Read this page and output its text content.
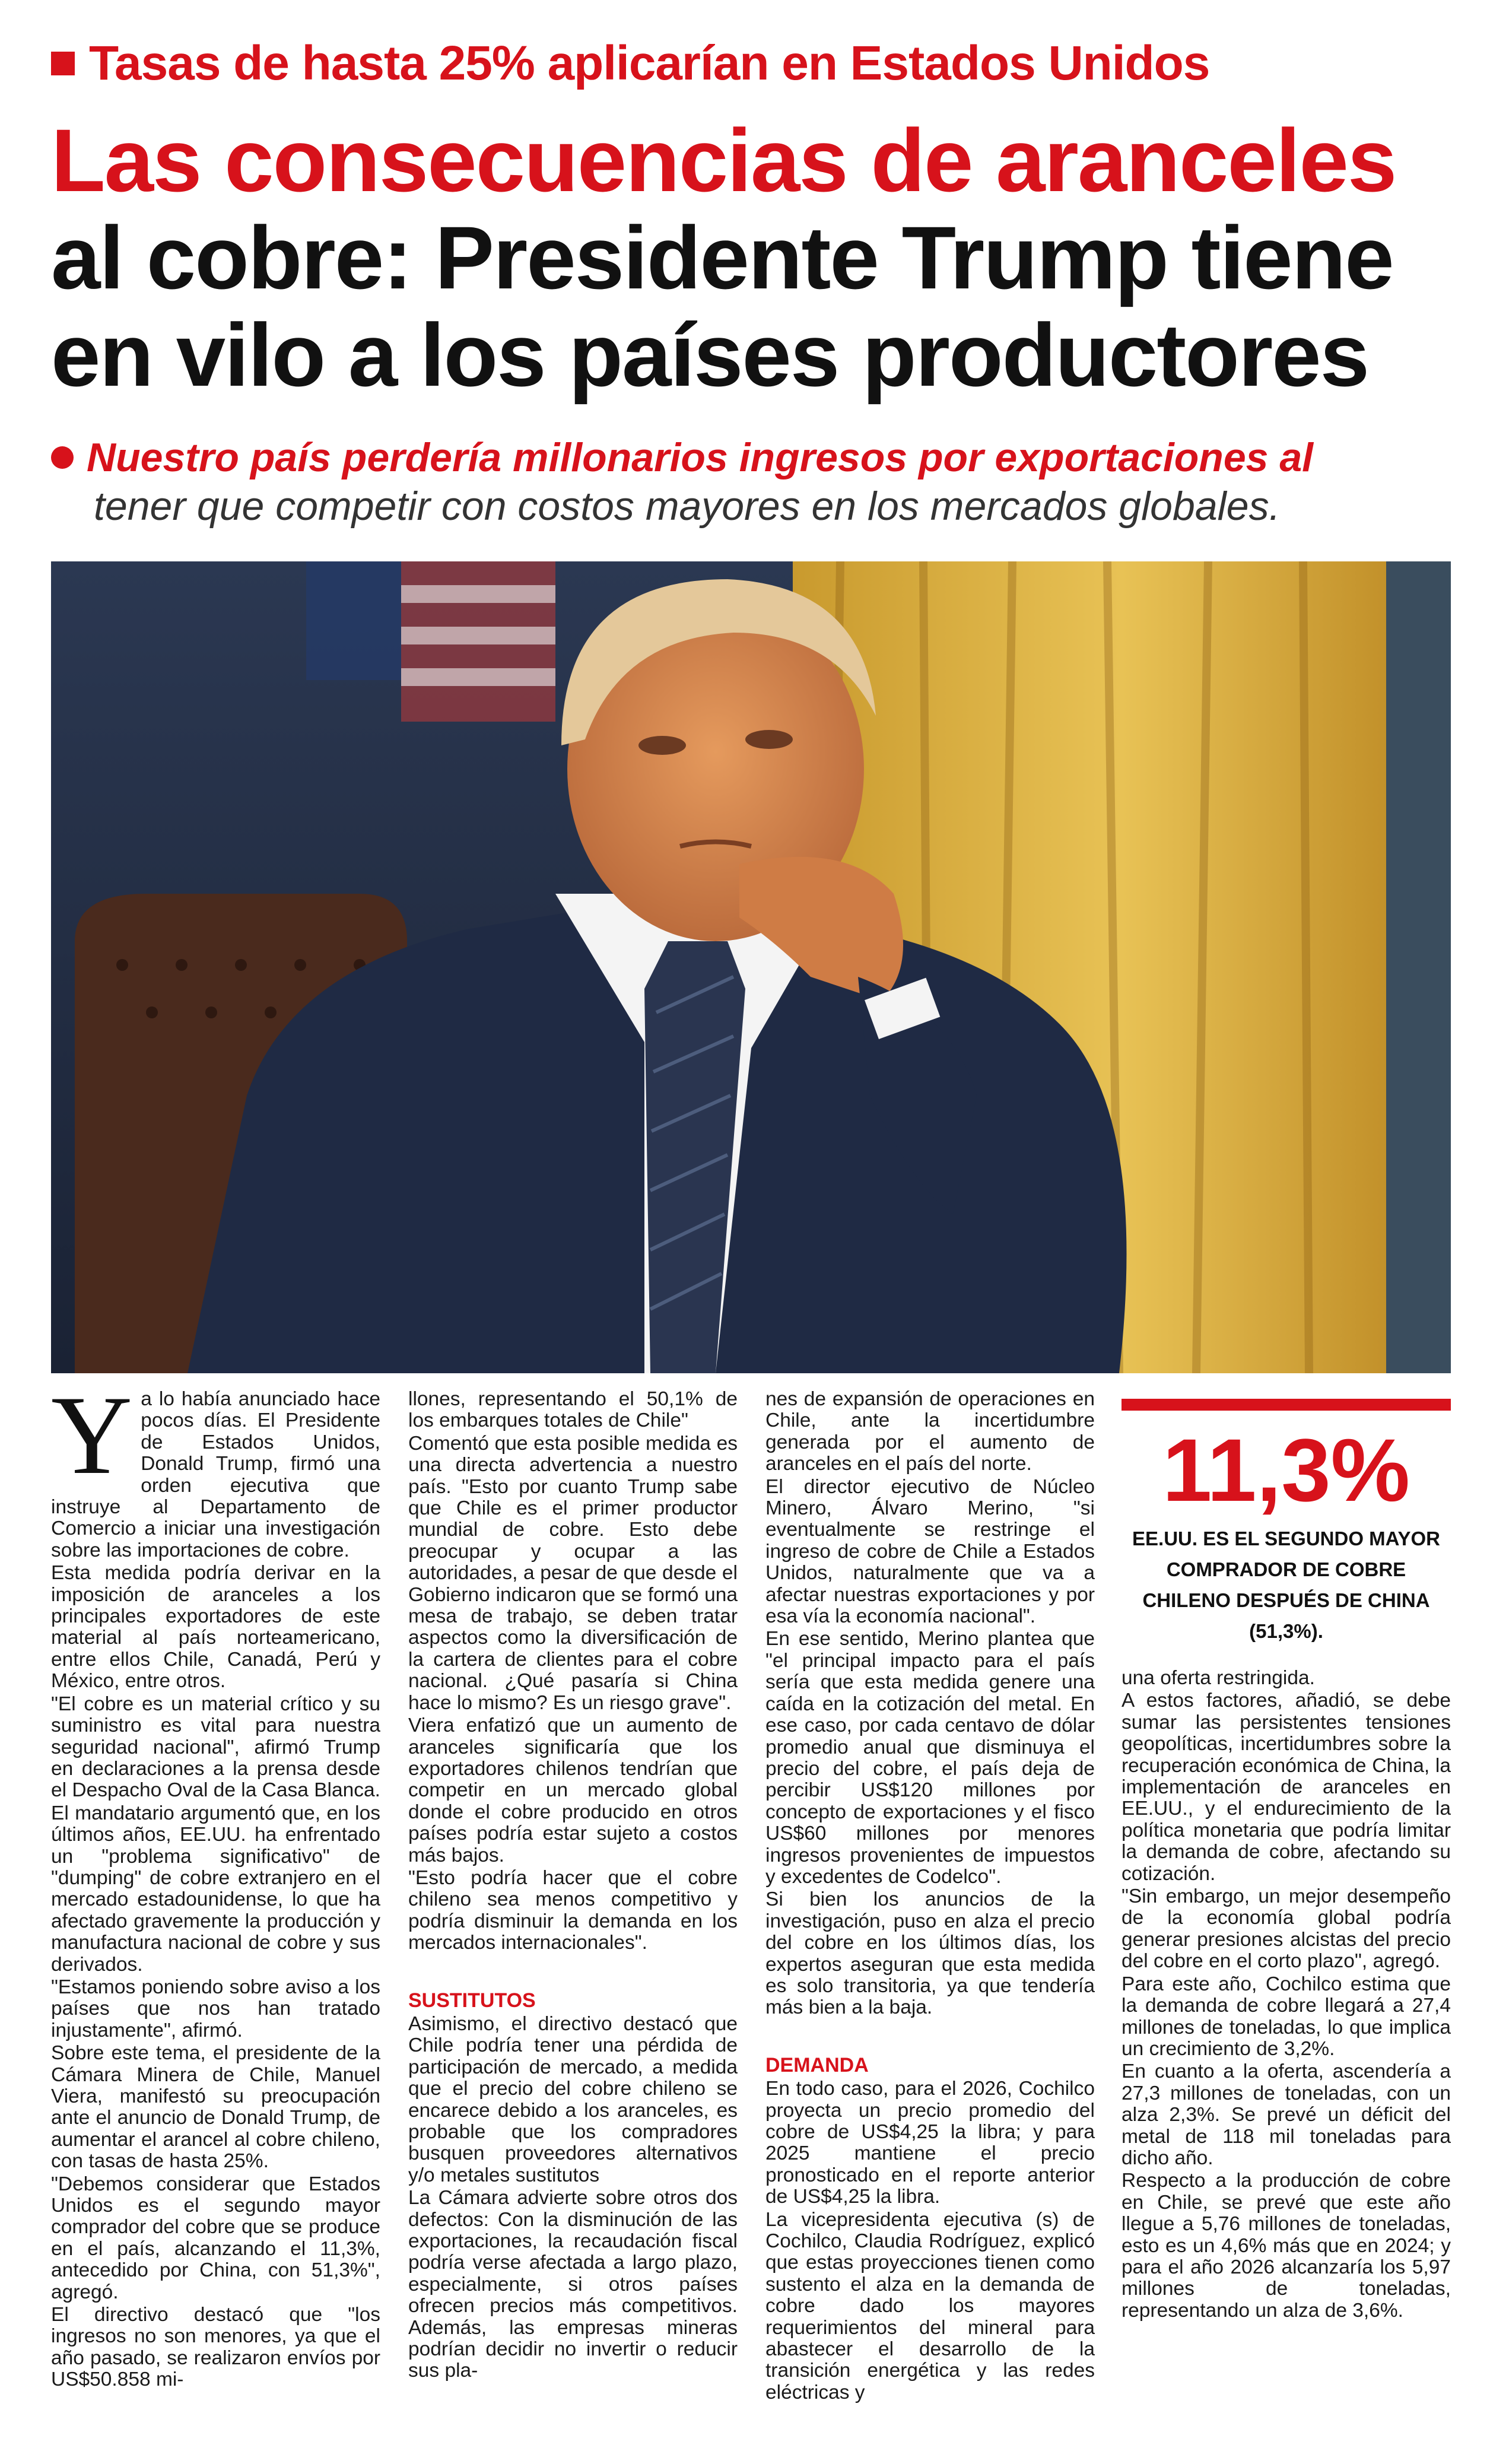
Tasas de hasta 25% aplicarían en Estados Unidos
Las consecuencias de aranceles
al cobre: Presidente Trump tiene
en vilo a los países productores
Nuestro país perdería millonarios ingresos por exportaciones al
tener que competir con costos mayores en los mercados globales.

Ya lo había anunciado hace pocos días. El Presidente de Estados Unidos, Donald Trump, firmó una orden ejecutiva que instruye al Departamento de Comercio a iniciar una investigación sobre las importaciones de cobre.

Esta medida podría derivar en la imposición de aranceles a los principales exportadores de este material al país norteamericano, entre ellos Chile, Canadá, Perú y México, entre otros.

"El cobre es un material crítico y su suministro es vital para nuestra seguridad nacional", afirmó Trump en declaraciones a la prensa desde el Despacho Oval de la Casa Blanca.

El mandatario argumentó que, en los últimos años, EE.UU. ha enfrentado un "problema significativo" de "dumping" de cobre extranjero en el mercado estadounidense, lo que ha afectado gravemente la producción y manufactura nacional de cobre y sus derivados.

"Estamos poniendo sobre aviso a los países que nos han tratado injustamente", afirmó.

Sobre este tema, el presidente de la Cámara Minera de Chile, Manuel Viera, manifestó su preocupación ante el anuncio de Donald Trump, de aumentar el arancel al cobre chileno, con tasas de hasta 25%.

"Debemos considerar que Estados Unidos es el segundo mayor comprador del cobre que se produce en el país, alcanzando el 11,3%, antecedido por China, con 51,3%", agregó.

El directivo destacó que "los ingresos no son menores, ya que el año pasado, se realizaron envíos por US$50.858 mi-

llones, representando el 50,1% de los embarques totales de Chile"

Comentó que esta posible medida es una directa advertencia a nuestro país. "Esto por cuanto Trump sabe que Chile es el primer productor mundial de cobre. Esto debe preocupar y ocupar a las autoridades, a pesar de que desde el Gobierno indicaron que se formó una mesa de trabajo, se deben tratar aspectos como la diversificación de la cartera de clientes para el cobre nacional. ¿Qué pasaría si China hace lo mismo? Es un riesgo grave".

Viera enfatizó que un aumento de aranceles significaría que los exportadores chilenos tendrían que competir en un mercado global donde el cobre producido en otros países podría estar sujeto a costos más bajos.

"Esto podría hacer que el cobre chileno sea menos competitivo y podría disminuir la demanda en los mercados internacionales".

SUSTITUTOS

Asimismo, el directivo destacó que Chile podría tener una pérdida de participación de mercado, a medida que el precio del cobre chileno se encarece debido a los aranceles, es probable que los compradores busquen proveedores alternativos y/o metales sustitutos

La Cámara advierte sobre otros dos defectos: Con la disminución de las exportaciones, la recaudación fiscal podría verse afectada a largo plazo, especialmente, si otros países ofrecen precios más competitivos. Además, las empresas mineras podrían decidir no invertir o reducir sus pla-

nes de expansión de operaciones en Chile, ante la incertidumbre generada por el aumento de aranceles en el país del norte.

El director ejecutivo de Núcleo Minero, Álvaro Merino, "si eventualmente se restringe el ingreso de cobre de Chile a Estados Unidos, naturalmente que va a afectar nuestras exportaciones y por esa vía la economía nacional".

En ese sentido, Merino plantea que "el principal impacto para el país sería que esta medida genere una caída en la cotización del metal. En ese caso, por cada centavo de dólar promedio anual que disminuya el precio del cobre, el país deja de percibir US$120 millones por concepto de exportaciones y el fisco US$60 millones por menores ingresos provenientes de impuestos y excedentes de Codelco".

Si bien los anuncios de la investigación, puso en alza el precio del cobre en los últimos días, los expertos aseguran que esta medida es solo transitoria, ya que tendería más bien a la baja.

DEMANDA

En todo caso, para el 2026, Cochilco proyecta un precio promedio del cobre de US$4,25 la libra; y para 2025 mantiene el precio pronosticado en el reporte anterior de US$4,25 la libra.

La vicepresidenta ejecutiva (s) de Cochilco, Claudia Rodríguez, explicó que estas proyecciones tienen como sustento el alza en la demanda de cobre dado los mayores requerimientos del mineral para abastecer el desarrollo de la transición energética y las redes eléctricas y

11,3%
EE.UU. ES EL SEGUNDO MAYOR COMPRADOR DE COBRE CHILENO DESPUÉS DE CHINA (51,3%).

una oferta restringida.

A estos factores, añadió, se debe sumar las persistentes tensiones geopolíticas, incertidumbres sobre la recuperación económica de China, la implementación de aranceles en EE.UU., y el endurecimiento de la política monetaria que podría limitar la demanda de cobre, afectando su cotización.

"Sin embargo, un mejor desempeño de la economía global podría generar presiones alcistas del precio del cobre en el corto plazo", agregó.

Para este año, Cochilco estima que la demanda de cobre llegará a 27,4 millones de toneladas, lo que implica un crecimiento de 3,2%.

En cuanto a la oferta, ascendería a 27,3 millones de toneladas, con un alza 2,3%. Se prevé un déficit del metal de 118 mil toneladas para dicho año.

Respecto a la producción de cobre en Chile, se prevé que este año llegue a 5,76 millones de toneladas, esto es un 4,6% más que en 2024; y para el año 2026 alcanzaría los 5,97 millones de toneladas, representando un alza de 3,6%.
